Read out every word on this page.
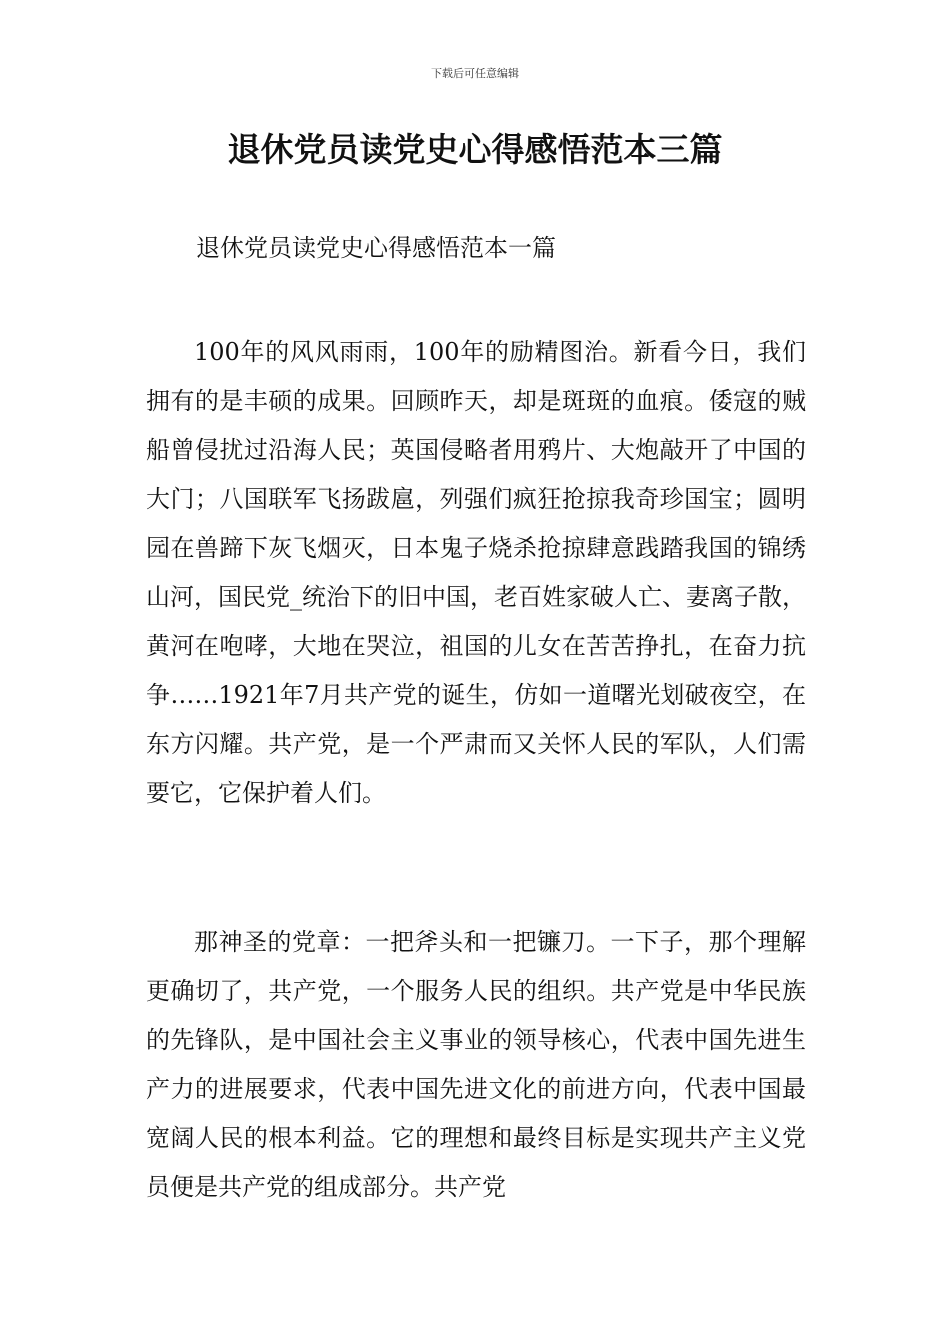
下载后可任意编辑
退休党员读党史心得感悟范本三篇

退休党员读党史心得感悟范本一篇

100年的风风雨雨，100年的励精图治。新看今日，我们拥有的是丰硕的成果。回顾昨天，却是斑斑的血痕。倭寇的贼船曾侵扰过沿海人民；英国侵略者用鸦片、大炮敲开了中国的大门；八国联军飞扬跋扈，列强们疯狂抢掠我奇珍国宝；圆明园在兽蹄下灰飞烟灭，日本鬼子烧杀抢掠肆意践踏我国的锦绣山河，国民党_统治下的旧中国，老百姓家破人亡、妻离子散，黄河在咆哮，大地在哭泣，祖国的儿女在苦苦挣扎，在奋力抗争……1921年7月共产党的诞生，仿如一道曙光划破夜空，在东方闪耀。共产党，是一个严肃而又关怀人民的军队，人们需要它，它保护着人们。

那神圣的党章：一把斧头和一把镰刀。一下子，那个理解更确切了，共产党，一个服务人民的组织。共产党是中华民族的先锋队，是中国社会主义事业的领导核心，代表中国先进生产力的进展要求，代表中国先进文化的前进方向，代表中国最宽阔人民的根本利益。它的理想和最终目标是实现共产主义党员便是共产党的组成部分。共产党
